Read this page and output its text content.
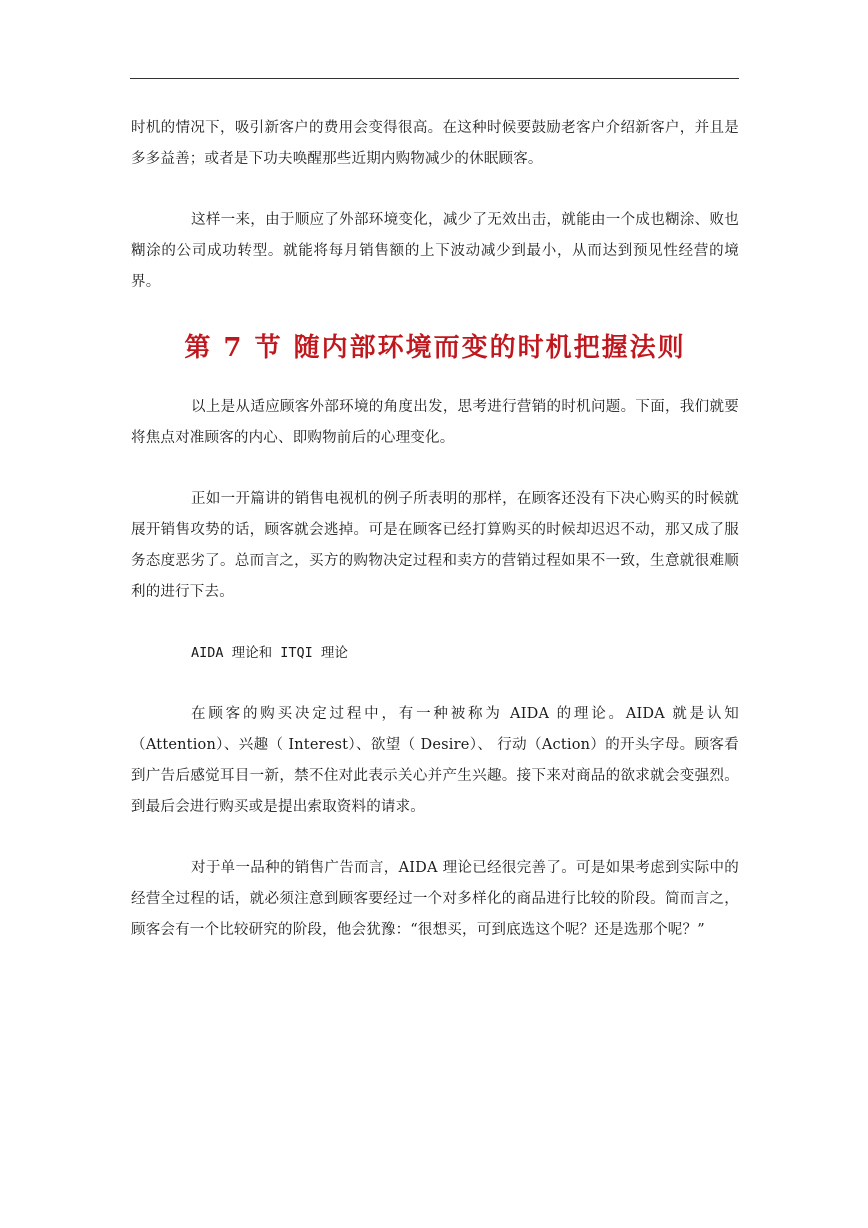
时机的情况下，吸引新客户的费用会变得很高。在这种时候要鼓励老客户介绍新客户，并且是多多益善；或者是下功夫唤醒那些近期内购物减少的休眠顾客。

这样一来，由于顺应了外部环境变化，减少了无效出击，就能由一个成也糊涂、败也糊涂的公司成功转型。就能将每月销售额的上下波动减少到最小，从而达到预见性经营的境界。

第 7 节 随内部环境而变的时机把握法则

以上是从适应顾客外部环境的角度出发，思考进行营销的时机问题。下面，我们就要将焦点对准顾客的内心、即购物前后的心理变化。

正如一开篇讲的销售电视机的例子所表明的那样，在顾客还没有下决心购买的时候就展开销售攻势的话，顾客就会逃掉。可是在顾客已经打算购买的时候却迟迟不动，那又成了服务态度恶劣了。总而言之，买方的购物决定过程和卖方的营销过程如果不一致，生意就很难顺利的进行下去。

AIDA 理论和 ITQI 理论

在顾客的购买决定过程中，有一种被称为 AIDA 的理论。AIDA 就是认知（Attention）、兴趣（ Interest）、欲望（ Desire）、 行动（Action）的开头字母。顾客看到广告后感觉耳目一新，禁不住对此表示关心并产生兴趣。接下来对商品的欲求就会变强烈。到最后会进行购买或是提出索取资料的请求。

对于单一品种的销售广告而言，AIDA 理论已经很完善了。可是如果考虑到实际中的经营全过程的话，就必须注意到顾客要经过一个对多样化的商品进行比较的阶段。简而言之，顾客会有一个比较研究的阶段，他会犹豫：“很想买，可到底选这个呢？还是选那个呢？”
